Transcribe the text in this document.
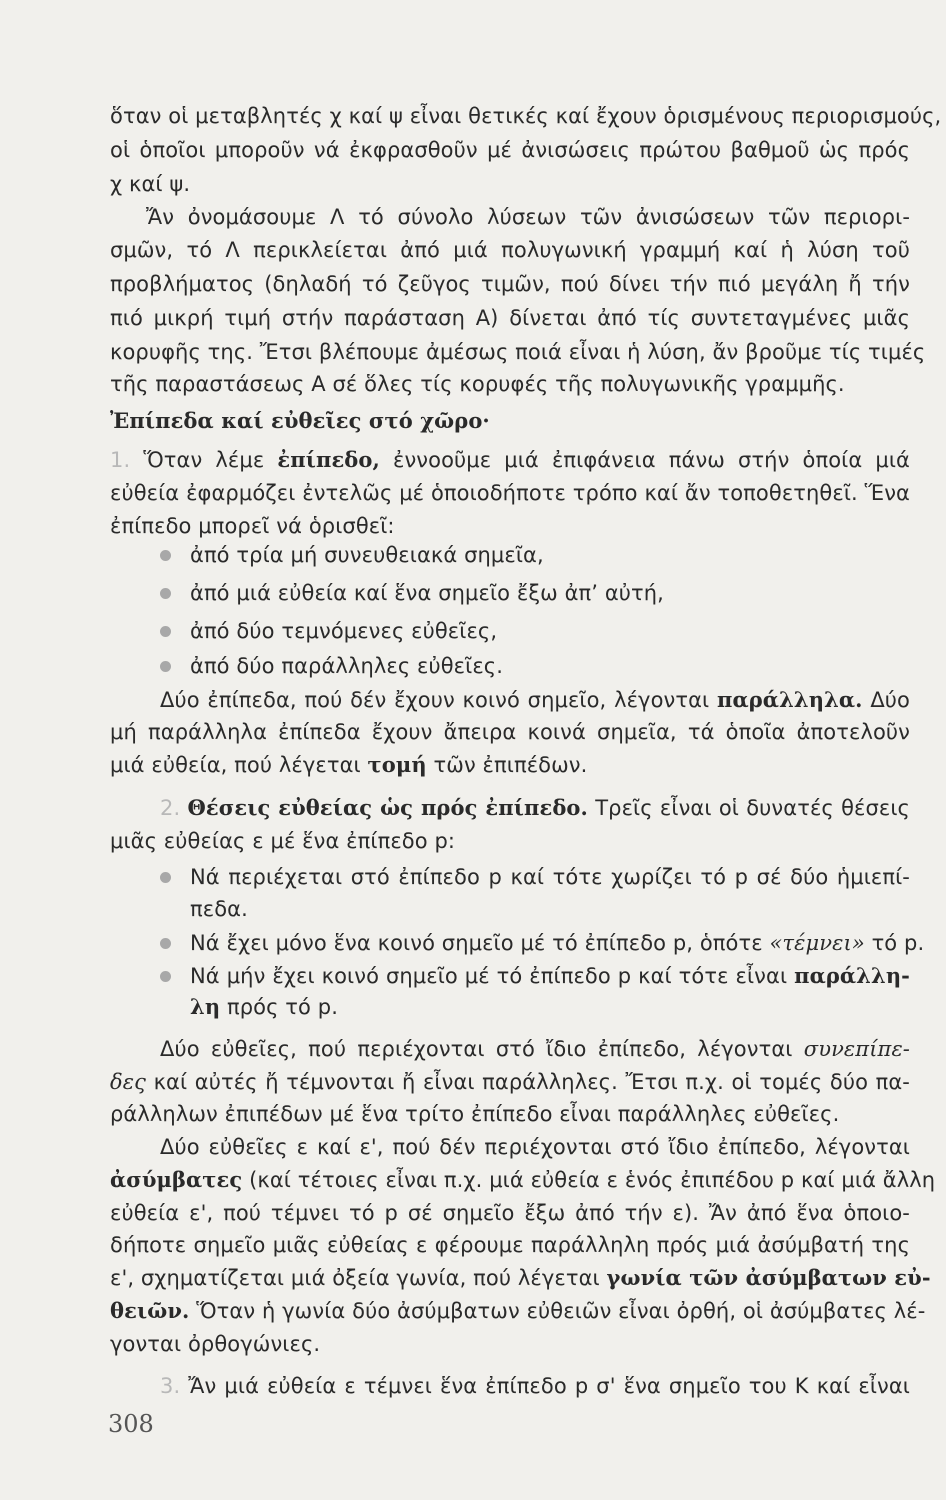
ὅταν οἱ μεταβλητές χ καί ψ εἶναι θετικές καί ἔχουν ὁρισμένους περιορισμούς,
οἱ ὁποῖοι μποροῦν νά ἐκφρασθοῦν μέ ἀνισώσεις πρώτου βαθμοῦ ὡς πρός
χ καί ψ.
Ἄν ὀνομάσουμε Λ τό σύνολο λύσεων τῶν ἀνισώσεων τῶν περιορι-
σμῶν, τό Λ περικλείεται ἀπό μιά πολυγωνική γραμμή καί ἡ λύση τοῦ
προβλήματος (δηλαδή τό ζεῦγος τιμῶν, πού δίνει τήν πιό μεγάλη ἤ τήν
πιό μικρή τιμή στήν παράσταση Α) δίνεται ἀπό τίς συντεταγμένες μιᾶς
κορυφῆς της. Ἔτσι βλέπουμε ἀμέσως ποιά εἶναι ἡ λύση, ἄν βροῦμε τίς τιμές
τῆς παραστάσεως Α σέ ὅλες τίς κορυφές τῆς πολυγωνικῆς γραμμῆς.
Ἐπίπεδα καί εὐθεῖες στό χῶρο·
1. Ὅταν λέμε ἐπίπεδο, ἐννοοῦμε μιά ἐπιφάνεια πάνω στήν ὁποία μιά
εὐθεία ἐφαρμόζει ἐντελῶς μέ ὁποιοδήποτε τρόπο καί ἄν τοποθετηθεῖ. Ἕνα
ἐπίπεδο μπορεῖ νά ὁρισθεῖ:
ἀπό τρία μή συνευθειακά σημεῖα,
ἀπό μιά εὐθεία καί ἕνα σημεῖο ἔξω ἀπ’ αὐτή,
ἀπό δύο τεμνόμενες εὐθεῖες,
ἀπό δύο παράλληλες εὐθεῖες.
Δύο ἐπίπεδα, πού δέν ἔχουν κοινό σημεῖο, λέγονται παράλληλα. Δύο
μή παράλληλα ἐπίπεδα ἔχουν ἄπειρα κοινά σημεῖα, τά ὁποῖα ἀποτελοῦν
μιά εὐθεία, πού λέγεται τομή τῶν ἐπιπέδων.
2. Θέσεις εὐθείας ὡς πρός ἐπίπεδο. Τρεῖς εἶναι οἱ δυνατές θέσεις
μιᾶς εὐθείας ε μέ ἕνα ἐπίπεδο p:
Νά περιέχεται στό ἐπίπεδο p καί τότε χωρίζει τό p σέ δύο ἡμιεπί-
πεδα.
Νά ἔχει μόνο ἕνα κοινό σημεῖο μέ τό ἐπίπεδο p, ὁπότε «τέμνει» τό p.
Νά μήν ἔχει κοινό σημεῖο μέ τό ἐπίπεδο p καί τότε εἶναι παράλλη-
λη πρός τό p.
Δύο εὐθεῖες, πού περιέχονται στό ἴδιο ἐπίπεδο, λέγονται συνεπίπε-
δες καί αὐτές ἤ τέμνονται ἤ εἶναι παράλληλες. Ἔτσι π.χ. οἱ τομές δύο πα-
ράλληλων ἐπιπέδων μέ ἕνα τρίτο ἐπίπεδο εἶναι παράλληλες εὐθεῖες.
Δύο εὐθεῖες ε καί ε', πού δέν περιέχονται στό ἴδιο ἐπίπεδο, λέγονται
ἀσύμβατες (καί τέτοιες εἶναι π.χ. μιά εὐθεία ε ἑνός ἐπιπέδου p καί μιά ἄλλη
εὐθεία ε', πού τέμνει τό p σέ σημεῖο ἔξω ἀπό τήν ε). Ἄν ἀπό ἕνα ὁποιο-
δήποτε σημεῖο μιᾶς εὐθείας ε φέρουμε παράλληλη πρός μιά ἀσύμβατή της
ε', σχηματίζεται μιά ὀξεία γωνία, πού λέγεται γωνία τῶν ἀσύμβατων εὐ-
θειῶν. Ὅταν ἡ γωνία δύο ἀσύμβατων εὐθειῶν εἶναι ὀρθή, οἱ ἀσύμβατες λέ-
γονται ὀρθογώνιες.
3. Ἄν μιά εὐθεία ε τέμνει ἕνα ἐπίπεδο p σ' ἕνα σημεῖο του Κ καί εἶναι
308
